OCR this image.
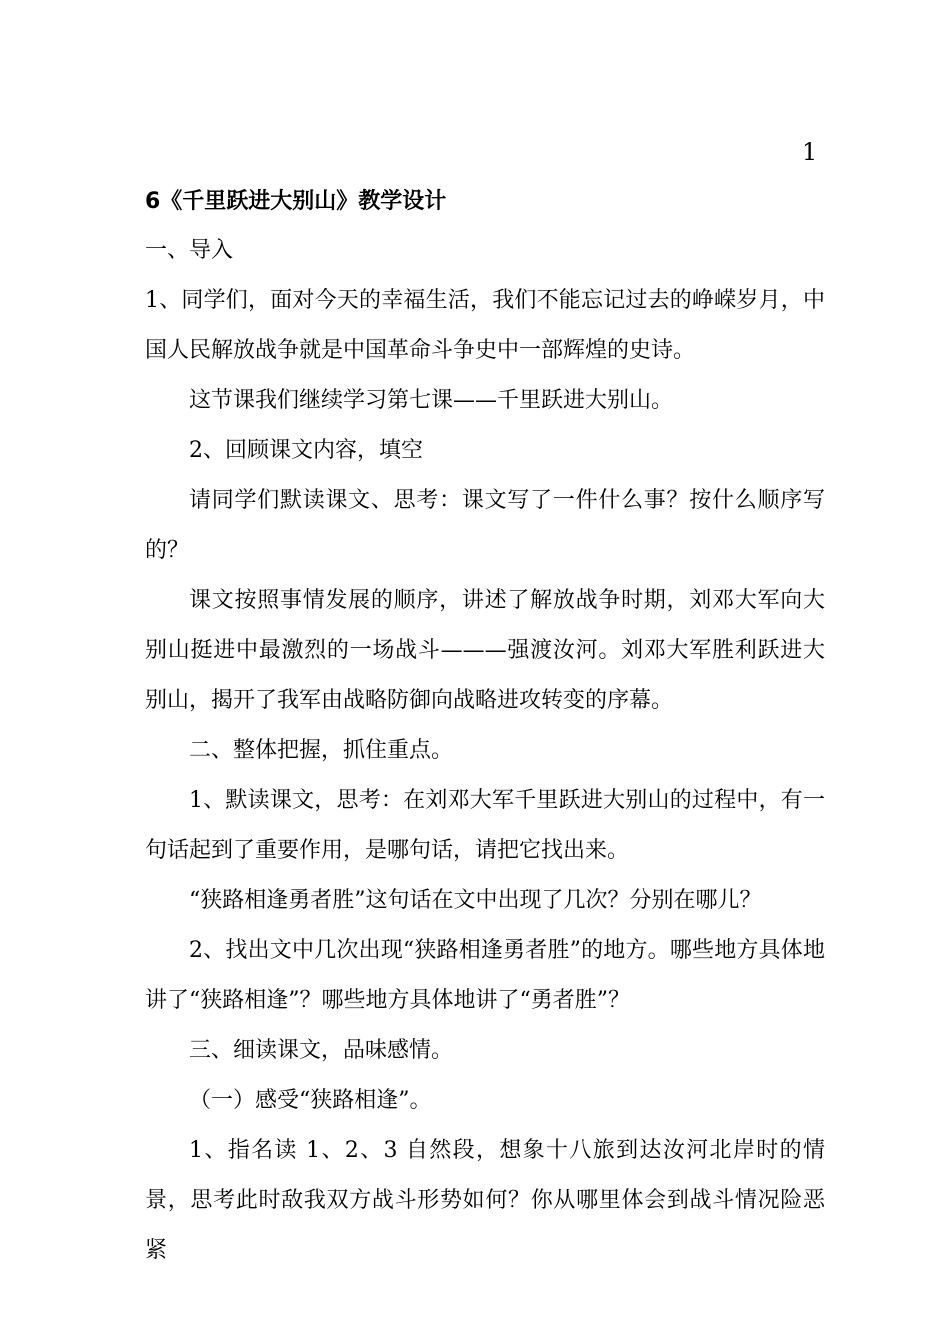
1
6《千里跃进大别山》教学设计
一、导入
1、同学们，面对今天的幸福生活，我们不能忘记过去的峥嵘岁月，中国人民解放战争就是中国革命斗争史中一部辉煌的史诗。
这节课我们继续学习第七课——千里跃进大别山。
2、回顾课文内容，填空
请同学们默读课文、思考：课文写了一件什么事？按什么顺序写的？
课文按照事情发展的顺序，讲述了解放战争时期，刘邓大军向大别山挺进中最激烈的一场战斗———强渡汝河。刘邓大军胜利跃进大别山，揭开了我军由战略防御向战略进攻转变的序幕。
二、整体把握，抓住重点。
1、默读课文，思考：在刘邓大军千里跃进大别山的过程中，有一句话起到了重要作用，是哪句话，请把它找出来。
“狭路相逢勇者胜”这句话在文中出现了几次？分别在哪儿？
2、找出文中几次出现“狭路相逢勇者胜”的地方。哪些地方具体地讲了“狭路相逢”？哪些地方具体地讲了“勇者胜”？
三、细读课文，品味感情。
（一）感受“狭路相逢”。
1、指名读 1、2、3 自然段，想象十八旅到达汝河北岸时的情景，思考此时敌我双方战斗形势如何？你从哪里体会到战斗情况险恶紧
